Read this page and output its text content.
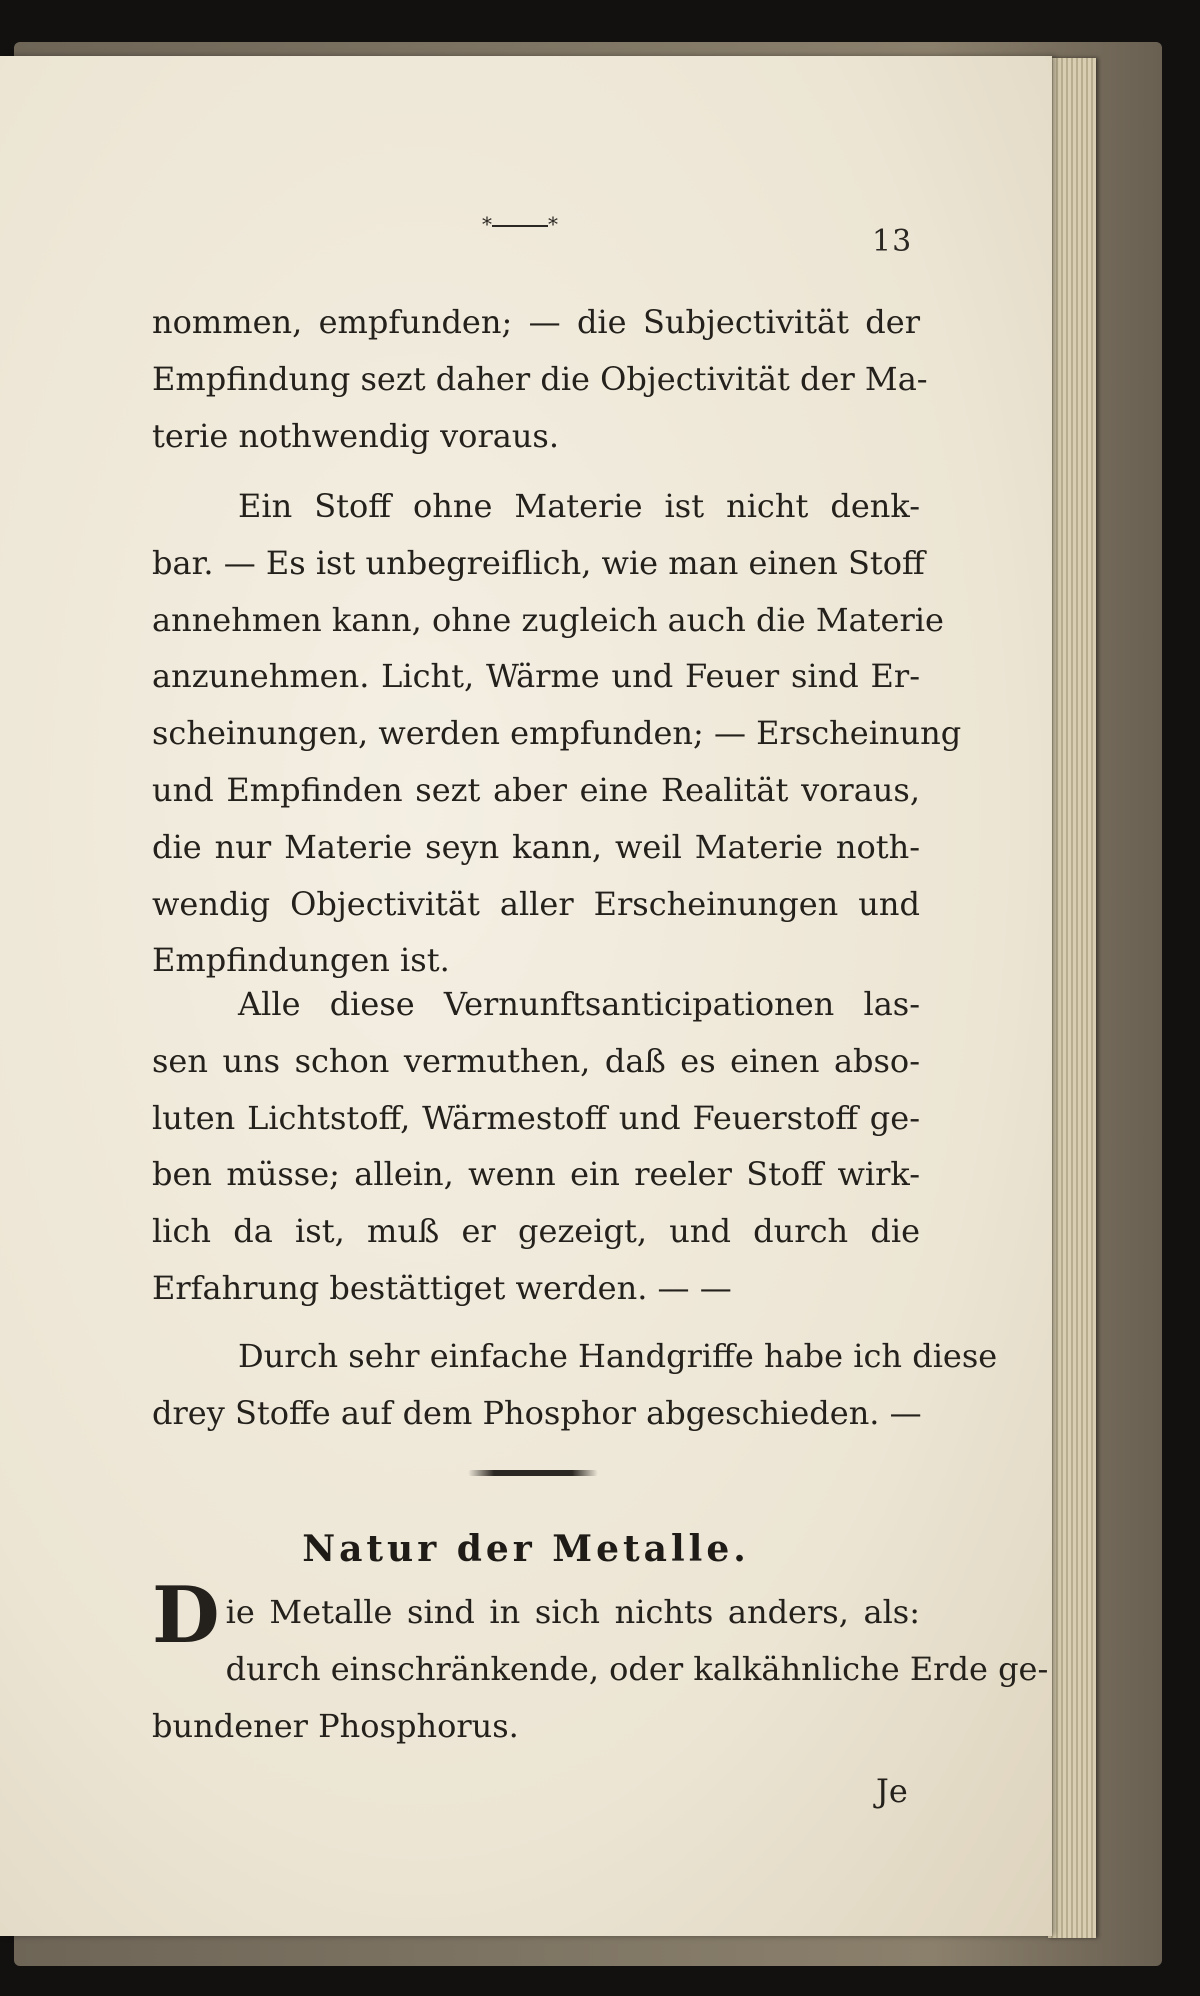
*	*	13
nommen, empfunden; — die Subjectivität der
Empfindung sezt daher die Objectivität der Ma-
terie nothwendig voraus.
Ein Stoff ohne Materie ist nicht denk-
bar. — Es ist unbegreiflich, wie man einen Stoff
annehmen kann, ohne zugleich auch die Materie
anzunehmen. Licht, Wärme und Feuer sind Er-
scheinungen, werden empfunden; — Erscheinung
und Empfinden sezt aber eine Realität voraus,
die nur Materie seyn kann, weil Materie noth-
wendig Objectivität aller Erscheinungen und
Empfindungen ist.
Alle diese Vernunftsanticipationen las-
sen uns schon vermuthen, daß es einen abso-
luten Lichtstoff, Wärmestoff und Feuerstoff ge-
ben müsse; allein, wenn ein reeler Stoff wirk-
lich da ist, muß er gezeigt, und durch die
Erfahrung bestättiget werden. — —
Durch sehr einfache Handgriffe habe ich diese
drey Stoffe auf dem Phosphor abgeschieden. —
Natur der Metalle.
D ie Metalle sind in sich nichts anders, als:
durch einschränkende, oder kalkähnliche Erde ge-
bundener Phosphorus.
Je
